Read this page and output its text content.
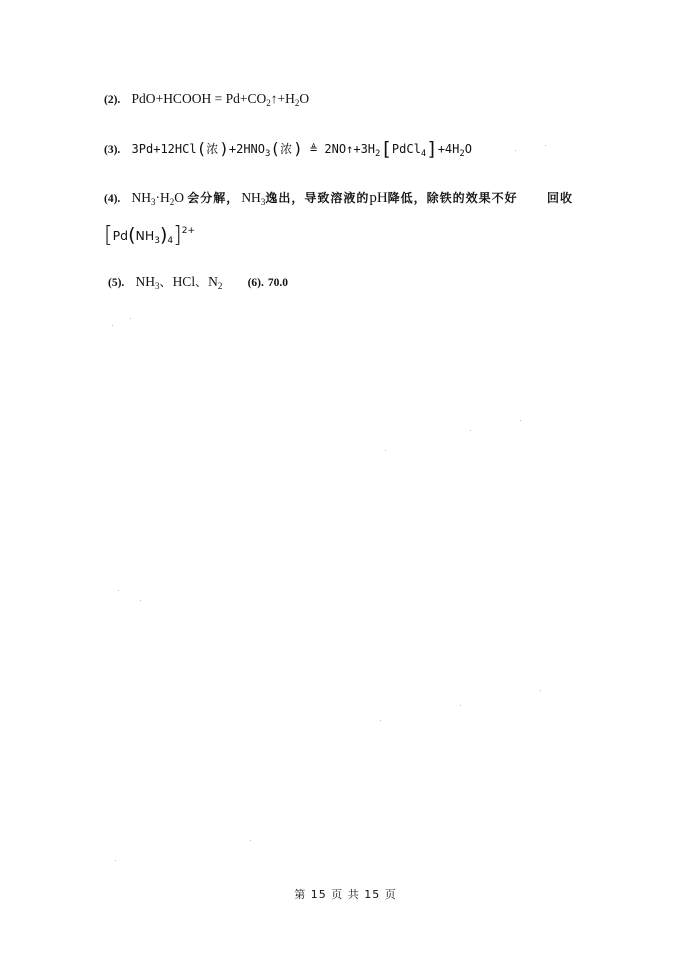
(2). PdO+HCOOH = $Pd+CO_2↑+H_2O$
(3). 3Pd+12HCl(浓)$+2HNO_3$(浓) ≜ $2NO↑+3H_2[PdCl_4]+4H_2O$
(4). $NH_3\cdot H_2O$ 会分解， $NH_3$逸出，导致溶液的pH降低，除铁的效果不好 回收
$[Pd(NH_3)_4]^{2+}$
(5). $NH_3$、HCl、$N_2$ (6). 70.0
第 15 页 共 15 页
